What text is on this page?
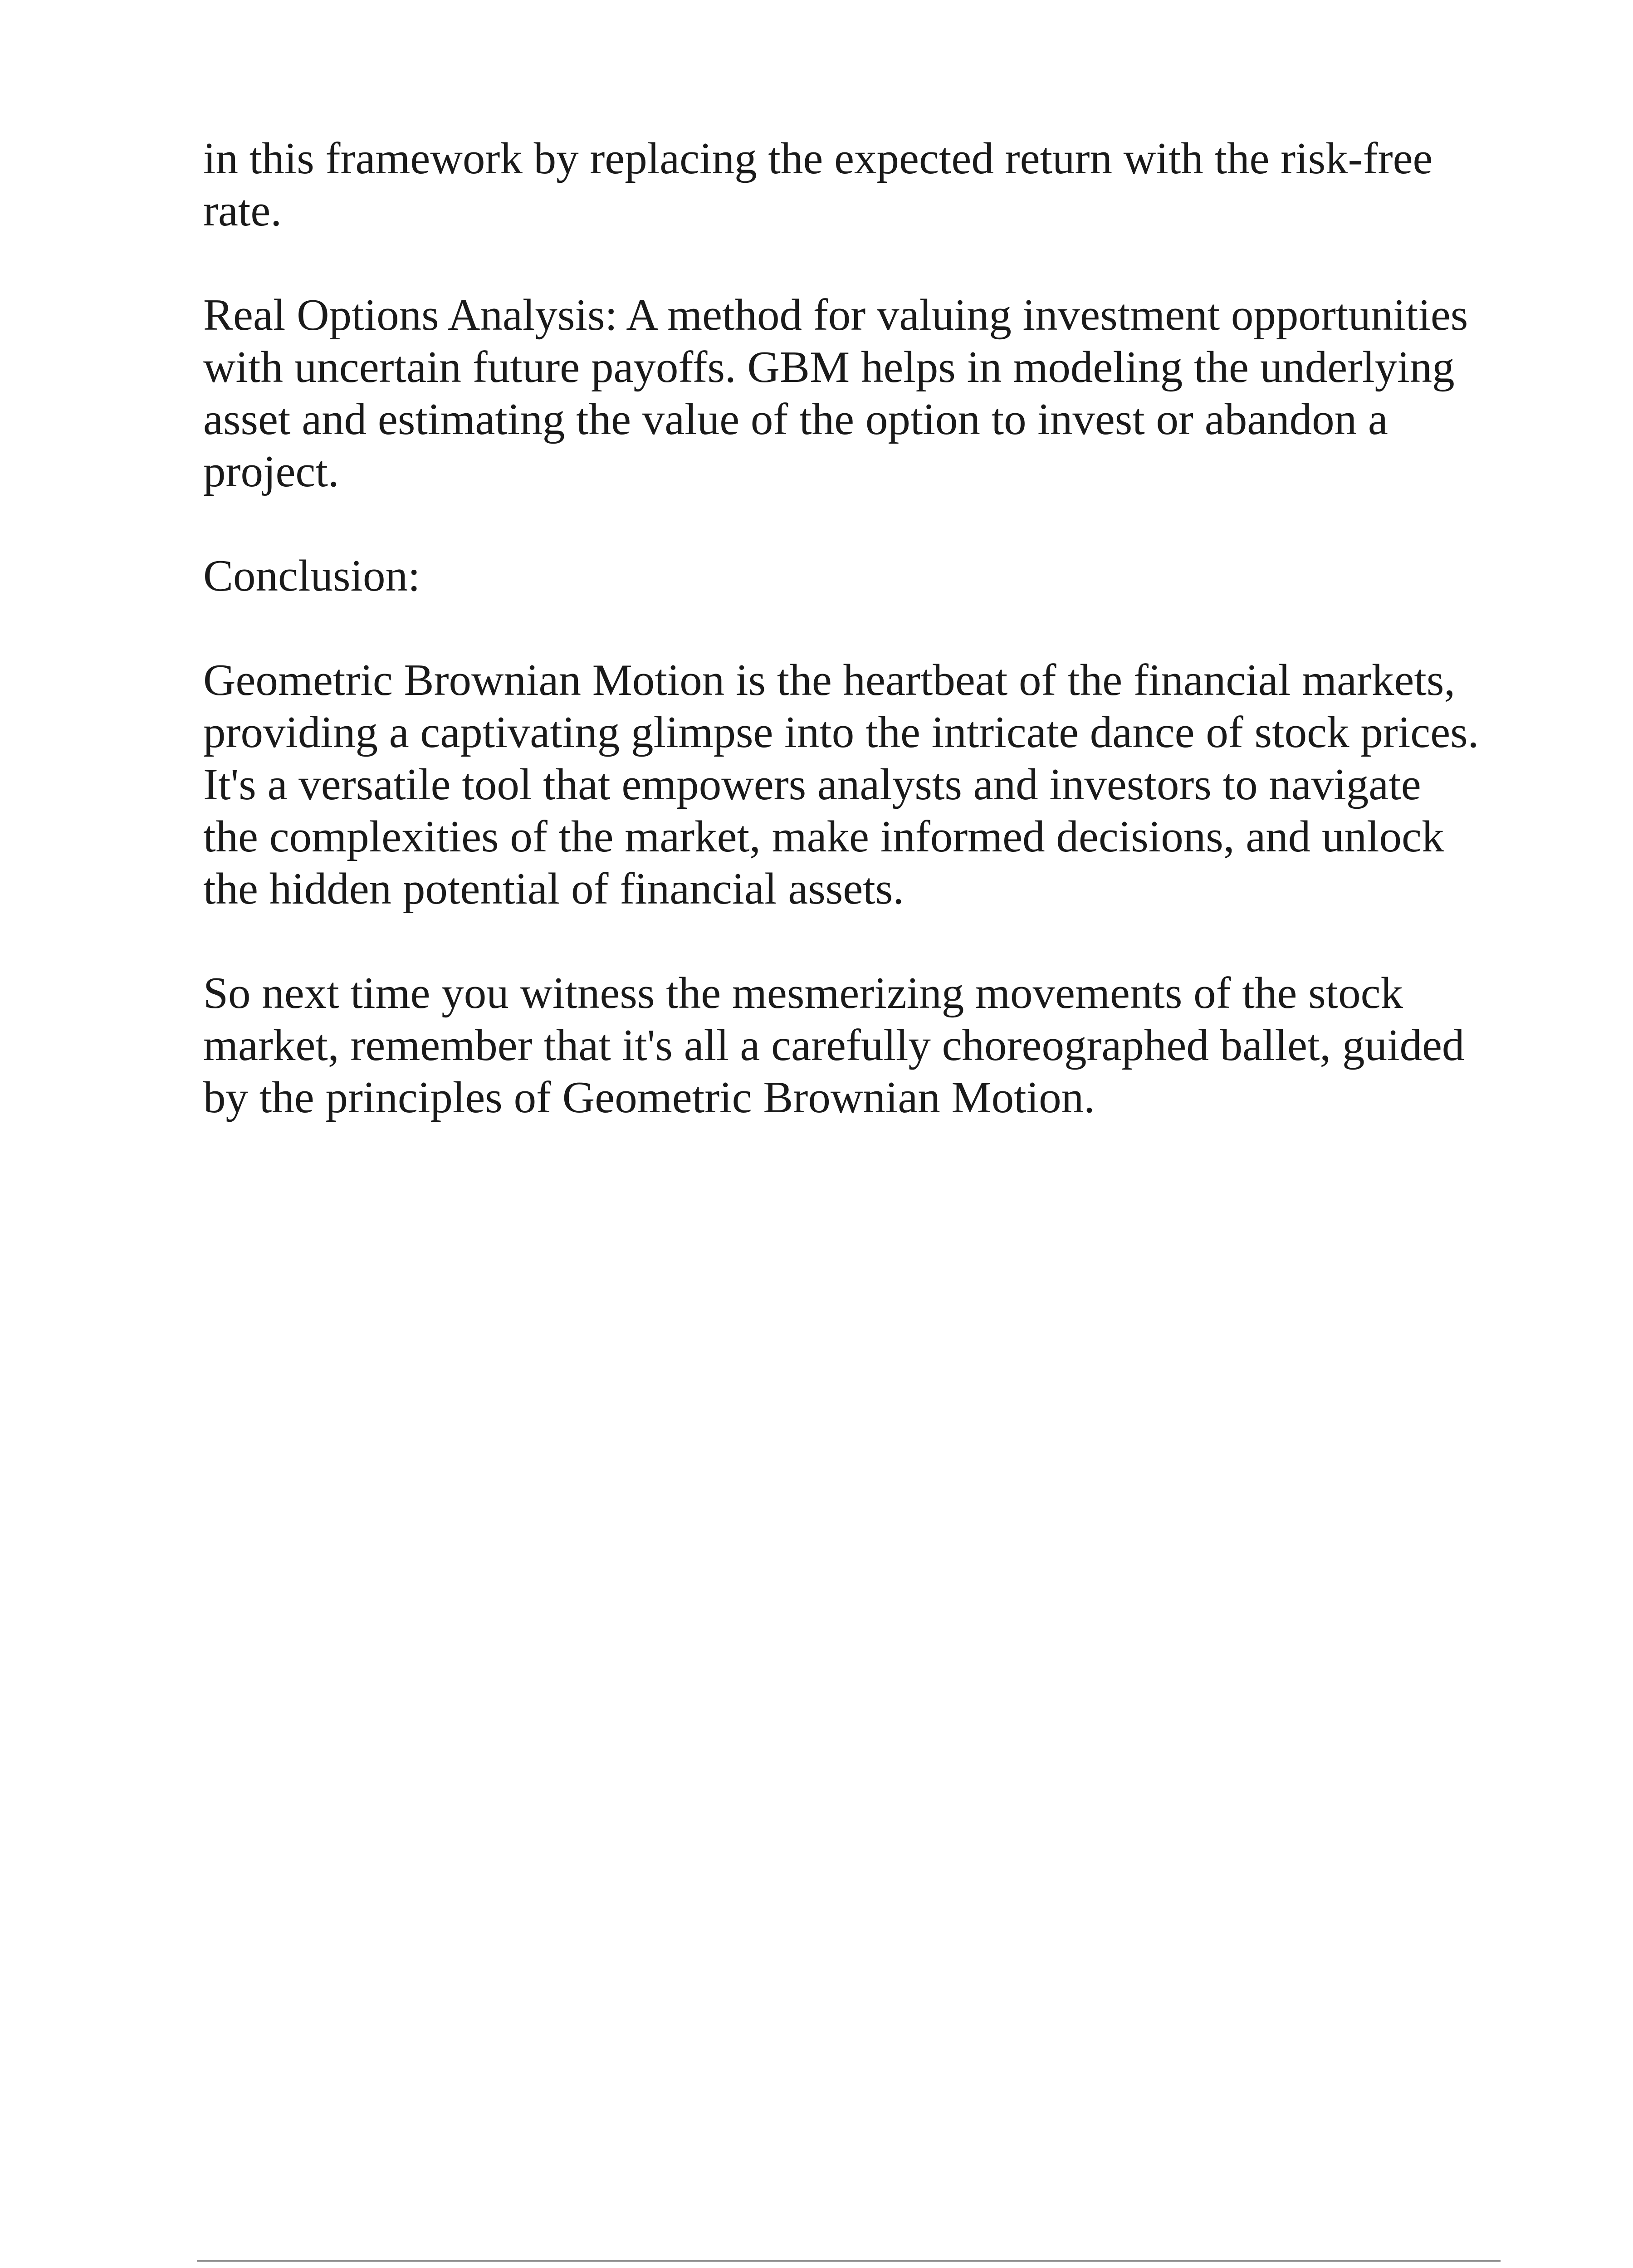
in this framework by replacing the expected return with the risk-free
rate.

Real Options Analysis: A method for valuing investment opportunities
with uncertain future payoffs. GBM helps in modeling the underlying
asset and estimating the value of the option to invest or abandon a
project.

Conclusion:

Geometric Brownian Motion is the heartbeat of the financial markets,
providing a captivating glimpse into the intricate dance of stock prices.
It's a versatile tool that empowers analysts and investors to navigate
the complexities of the market, make informed decisions, and unlock
the hidden potential of financial assets.

So next time you witness the mesmerizing movements of the stock
market, remember that it's all a carefully choreographed ballet, guided
by the principles of Geometric Brownian Motion.
